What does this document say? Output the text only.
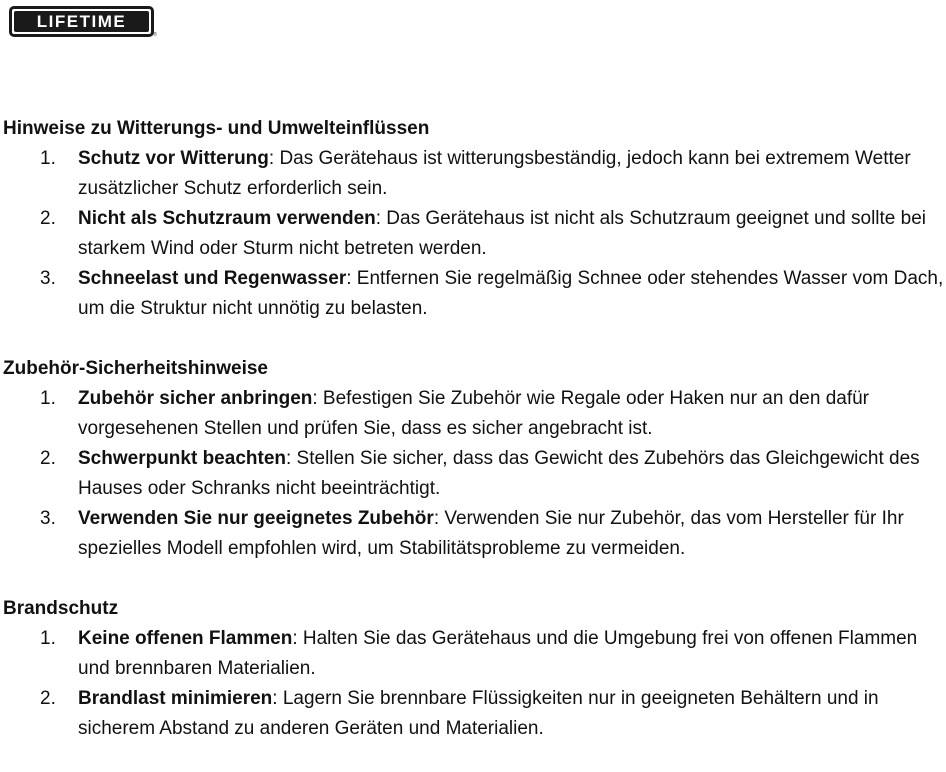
LIFETIME
®
Hinweise zu Witterungs- und Umwelteinflüssen
1. Schutz vor Witterung: Das Gerätehaus ist witterungsbeständig, jedoch kann bei extremem Wetter zusätzlicher Schutz erforderlich sein.
2. Nicht als Schutzraum verwenden: Das Gerätehaus ist nicht als Schutzraum geeignet und sollte bei starkem Wind oder Sturm nicht betreten werden.
3. Schneelast und Regenwasser: Entfernen Sie regelmäßig Schnee oder stehendes Wasser vom Dach, um die Struktur nicht unnötig zu belasten.
Zubehör-Sicherheitshinweise
1. Zubehör sicher anbringen: Befestigen Sie Zubehör wie Regale oder Haken nur an den dafür vorgesehenen Stellen und prüfen Sie, dass es sicher angebracht ist.
2. Schwerpunkt beachten: Stellen Sie sicher, dass das Gewicht des Zubehörs das Gleichgewicht des Hauses oder Schranks nicht beeinträchtigt.
3. Verwenden Sie nur geeignetes Zubehör: Verwenden Sie nur Zubehör, das vom Hersteller für Ihr spezielles Modell empfohlen wird, um Stabilitätsprobleme zu vermeiden.
Brandschutz
1. Keine offenen Flammen: Halten Sie das Gerätehaus und die Umgebung frei von offenen Flammen und brennbaren Materialien.
2. Brandlast minimieren: Lagern Sie brennbare Flüssigkeiten nur in geeigneten Behältern und in sicherem Abstand zu anderen Geräten und Materialien.
